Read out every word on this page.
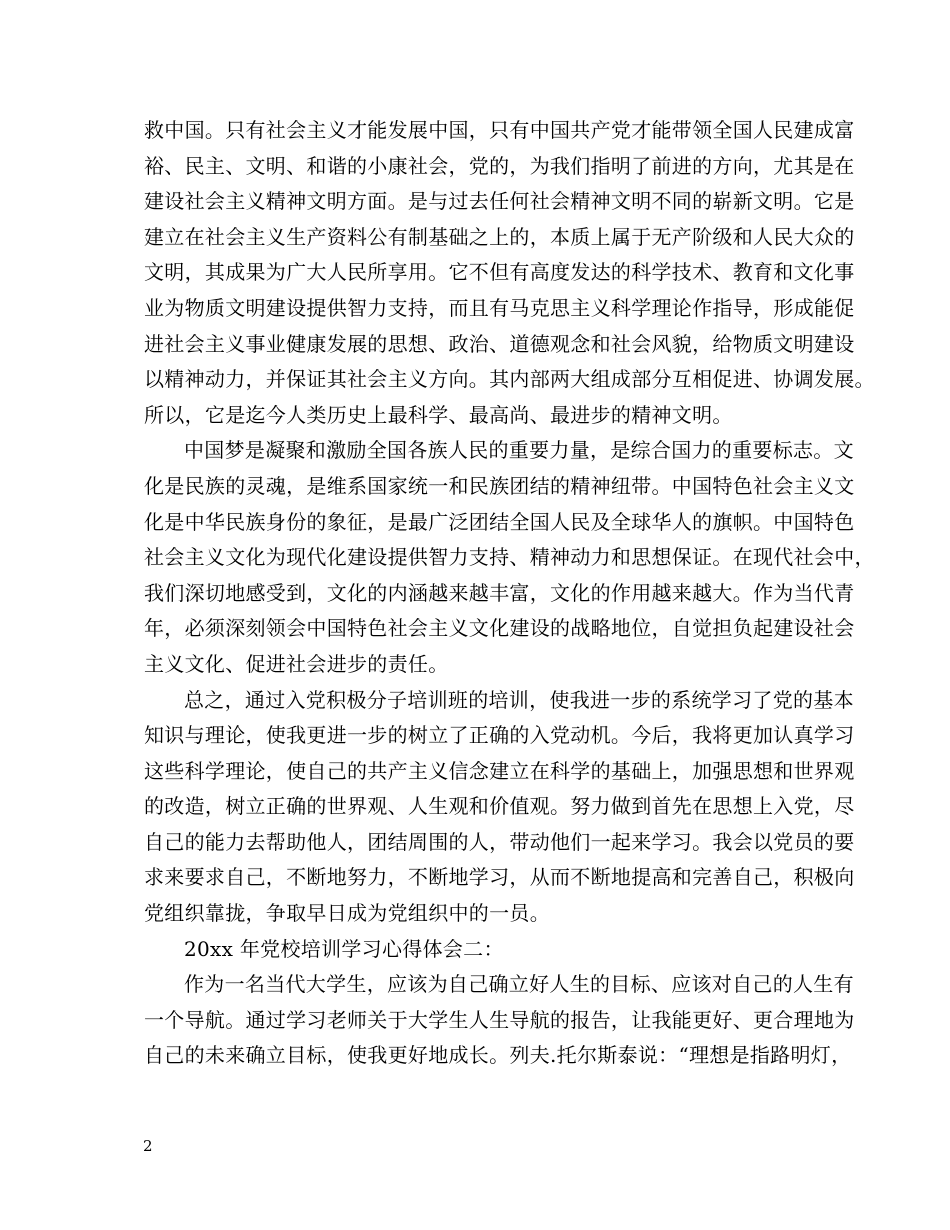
救中国。只有社会主义才能发展中国，只有中国共产党才能带领全国人民建成富
裕、民主、文明、和谐的小康社会，党的，为我们指明了前进的方向，尤其是在
建设社会主义精神文明方面。是与过去任何社会精神文明不同的崭新文明。它是
建立在社会主义生产资料公有制基础之上的，本质上属于无产阶级和人民大众的
文明，其成果为广大人民所享用。它不但有高度发达的科学技术、教育和文化事
业为物质文明建设提供智力支持，而且有马克思主义科学理论作指导，形成能促
进社会主义事业健康发展的思想、政治、道德观念和社会风貌，给物质文明建设
以精神动力，并保证其社会主义方向。其内部两大组成部分互相促进、协调发展。
所以，它是迄今人类历史上最科学、最高尚、最进步的精神文明。
中国梦是凝聚和激励全国各族人民的重要力量，是综合国力的重要标志。文
化是民族的灵魂，是维系国家统一和民族团结的精神纽带。中国特色社会主义文
化是中华民族身份的象征，是最广泛团结全国人民及全球华人的旗帜。中国特色
社会主义文化为现代化建设提供智力支持、精神动力和思想保证。在现代社会中，
我们深切地感受到，文化的内涵越来越丰富，文化的作用越来越大。作为当代青
年，必须深刻领会中国特色社会主义文化建设的战略地位，自觉担负起建设社会
主义文化、促进社会进步的责任。
总之，通过入党积极分子培训班的培训，使我进一步的系统学习了党的基本
知识与理论，使我更进一步的树立了正确的入党动机。今后，我将更加认真学习
这些科学理论，使自己的共产主义信念建立在科学的基础上，加强思想和世界观
的改造，树立正确的世界观、人生观和价值观。努力做到首先在思想上入党，尽
自己的能力去帮助他人，团结周围的人，带动他们一起来学习。我会以党员的要
求来要求自己，不断地努力，不断地学习，从而不断地提高和完善自己，积极向
党组织靠拢，争取早日成为党组织中的一员。
20xx 年党校培训学习心得体会二：
作为一名当代大学生，应该为自己确立好人生的目标、应该对自己的人生有
一个导航。通过学习老师关于大学生人生导航的报告，让我能更好、更合理地为
自己的未来确立目标，使我更好地成长。列夫.托尔斯泰说：“理想是指路明灯，
2
